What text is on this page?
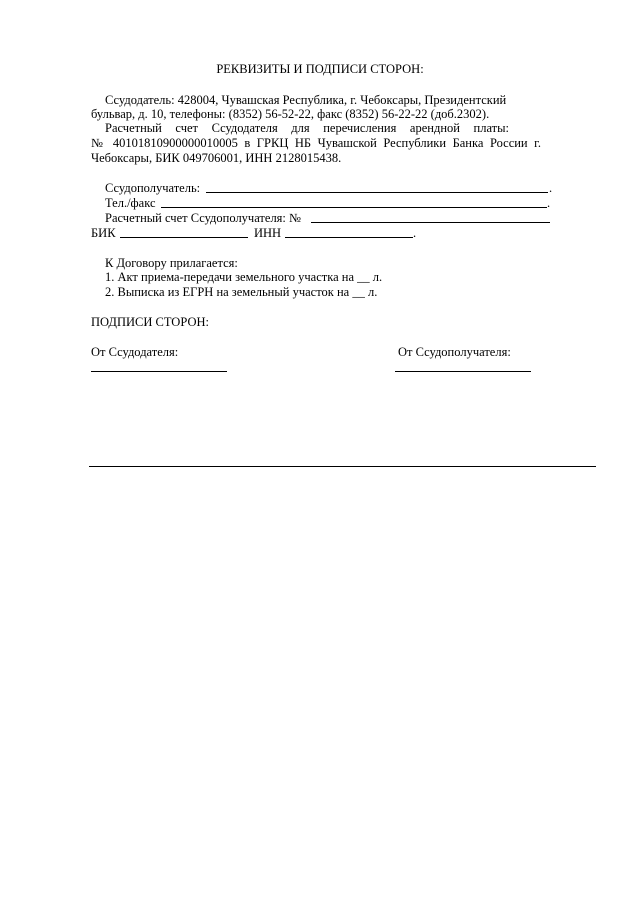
РЕКВИЗИТЫ И ПОДПИСИ СТОРОН:
Ссудодатель: 428004, Чувашская Республика, г. Чебоксары, Президентский
бульвар, д. 10, телефоны: (8352) 56-52-22, факс (8352) 56-22-22 (доб.2302).
Расчетный счет Ссудодателя для перечисления арендной платы:
№ 40101810900000010005 в ГРКЦ НБ Чувашской Республики Банка России г.
Чебоксары, БИК 049706001, ИНН 2128015438.
Ссудополучатель:	.
Тел./факс	.
Расчетный счет Ссудополучателя: №
БИК	ИНН	.
К Договору прилагается:
1. Акт приема-передачи земельного участка на __ л.
2. Выписка из ЕГРН на земельный участок на __ л.
ПОДПИСИ СТОРОН:
От Ссудодателя:	От Ссудополучателя:
